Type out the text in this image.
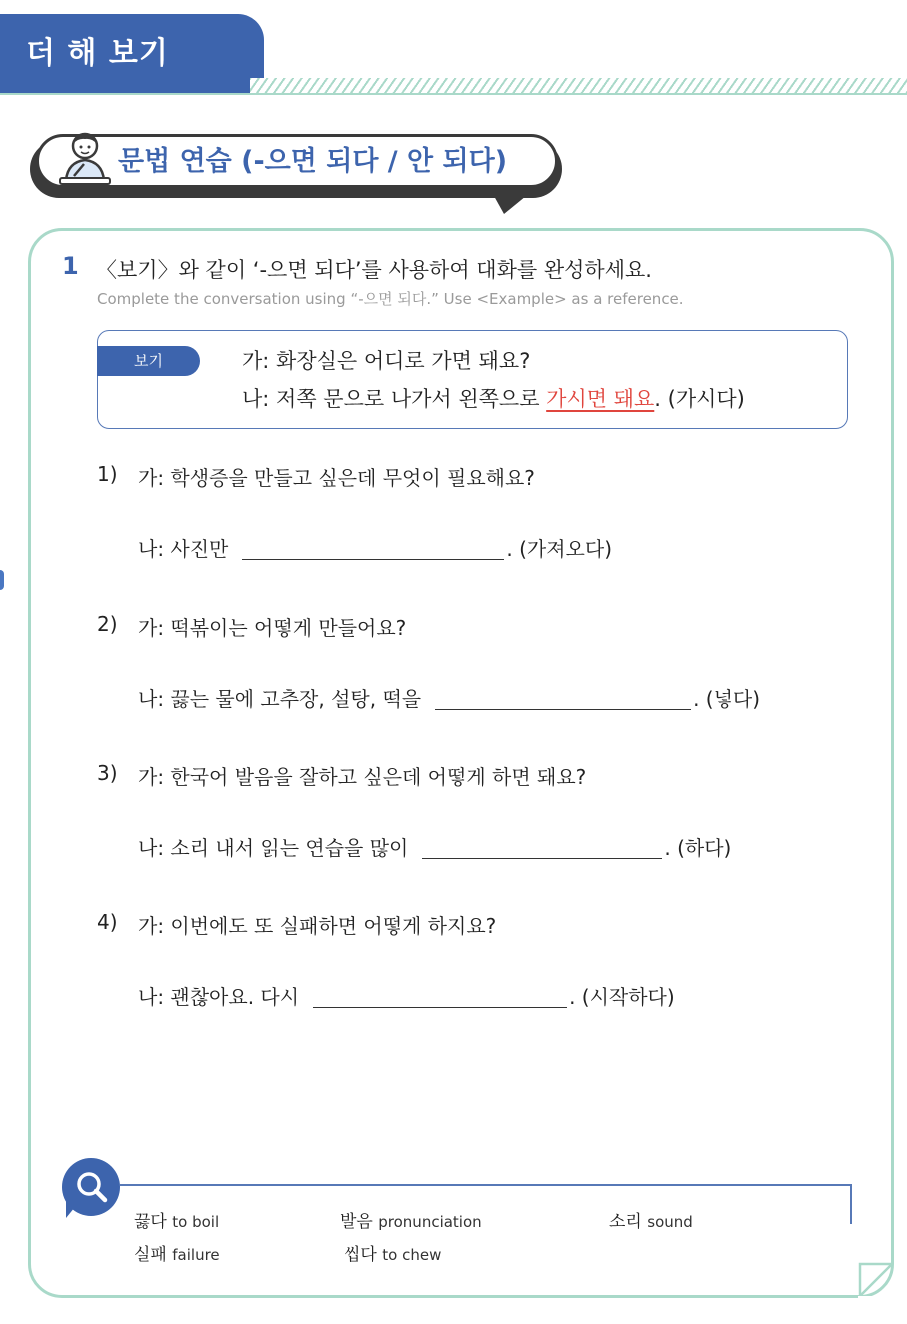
더 해 보기
문법 연습 (-으면 되다 / 안 되다)
1 〈보기〉와 같이 ‘-으면 되다’를 사용하여 대화를 완성하세요.
Complete the conversation using “-으면 되다.” Use <Example> as a reference.
보기	가: 화장실은 어디로 가면 돼요?
나: 저쪽 문으로 나가서 왼쪽으로 가시면 돼요. (가시다)
1) 가: 학생증을 만들고 싶은데 무엇이 필요해요?
나: 사진만	. (가져오다)
2) 가: 떡볶이는 어떻게 만들어요?
나: 끓는 물에 고추장, 설탕, 떡을	. (넣다)
3) 가: 한국어 발음을 잘하고 싶은데 어떻게 하면 돼요?
나: 소리 내서 읽는 연습을 많이	. (하다)
4) 가: 이번에도 또 실패하면 어떻게 하지요?
나: 괜찮아요. 다시	. (시작하다)
끓다 to boil	발음 pronunciation	소리 sound
실패 failure	씹다 to chew
